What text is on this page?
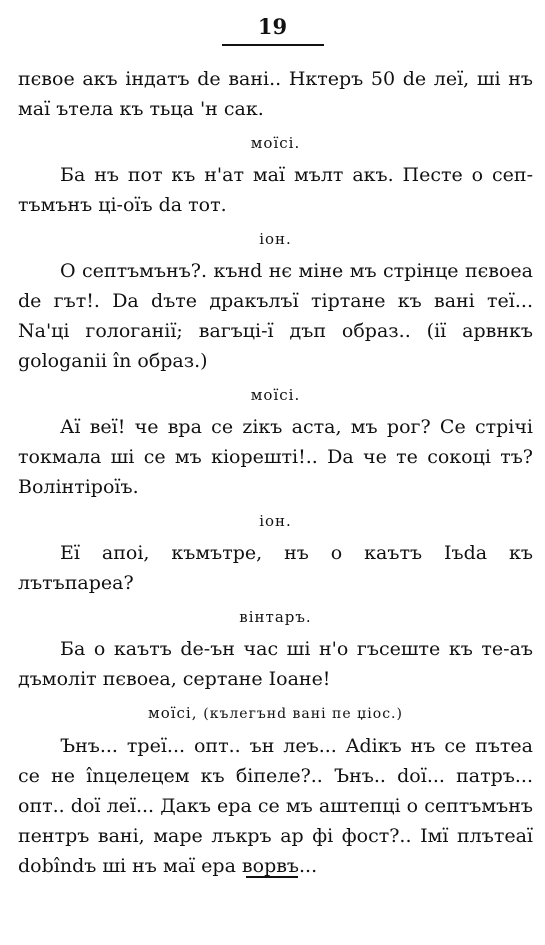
19

пєвое акъ індатъ de вані.. Нктеръ 50 de леї, ші нъ маї ътела къ тьца 'н сак.

моїсі.

Ба нъ пот къ н'ат маї мълт акъ. Песте о септъмънъ ці-оїъ da тот.

іон.

О септъмънъ?. кънd нє міне мъ стрінце пєвоеа de гът!. Da dъте дракълъї тіртане къ вані теї... Na'ці гологанії; вагъці-ї дъп образ.. (ії арвнкъ gologanii în образ.)

моїсі.

Аї веї! че вра се zікъ аста, мъ рог? Се стрічі токмала ші се мъ кіорешті!.. Da че те сокоці тъ? Волінтіроїъ.

іон.

Еї апоі, къмътре, нъ о каътъ Іъda къ лътъпареа?

вінтаръ.

Ба о каътъ de-ън час ші н'о гъсеште къ те-аъ дъмоліт пєвоеа, сертане Іоане!

моїсі, (кълегънd вані пе џіос.)

Ънъ... треї... опт.. ън леъ... Adікъ нъ се пътеа се не înцелецем къ біпеле?.. Ънъ.. doї... патръ... опт.. doї леї... Дакъ ера се мъ аштепці о септъмънъ пентръ вані, маре лъкръ ар фі фост?.. Імї плътеаї dobîndъ ші нъ маї ера ворвъ...
